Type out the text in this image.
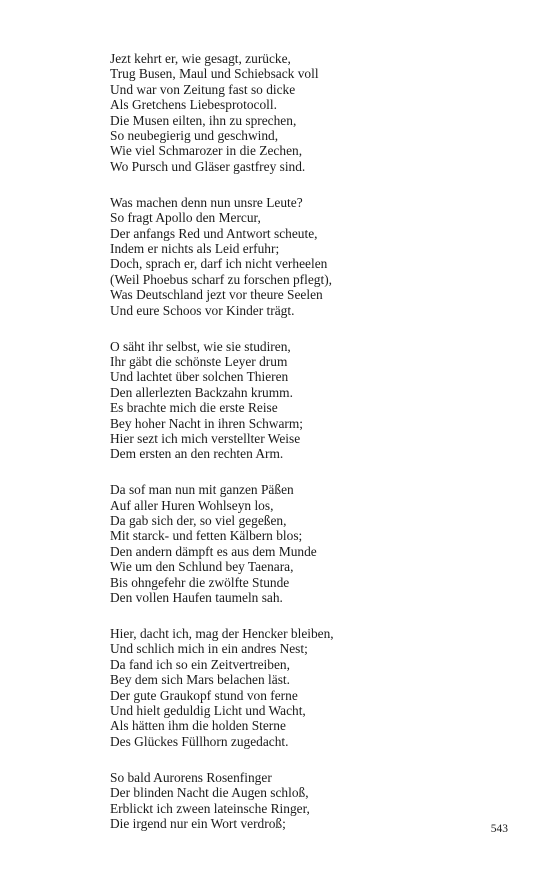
Jezt kehrt er, wie gesagt, zurücke,
Trug Busen, Maul und Schiebsack voll
Und war von Zeitung fast so dicke
Als Gretchens Liebesprotocoll.
Die Musen eilten, ihn zu sprechen,
So neubegierig und geschwind,
Wie viel Schmarozer in die Zechen,
Wo Pursch und Gläser gastfrey sind.
Was machen denn nun unsre Leute?
So fragt Apollo den Mercur,
Der anfangs Red und Antwort scheute,
Indem er nichts als Leid erfuhr;
Doch, sprach er, darf ich nicht verheelen
(Weil Phoebus scharf zu forschen pflegt),
Was Deutschland jezt vor theure Seelen
Und eure Schoos vor Kinder trägt.
O säht ihr selbst, wie sie studiren,
Ihr gäbt die schönste Leyer drum
Und lachtet über solchen Thieren
Den allerlezten Backzahn krumm.
Es brachte mich die erste Reise
Bey hoher Nacht in ihren Schwarm;
Hier sezt ich mich verstellter Weise
Dem ersten an den rechten Arm.
Da sof man nun mit ganzen Päßen
Auf aller Huren Wohlseyn los,
Da gab sich der, so viel gegeßen,
Mit starck- und fetten Kälbern blos;
Den andern dämpft es aus dem Munde
Wie um den Schlund bey Taenara,
Bis ohngefehr die zwölfte Stunde
Den vollen Haufen taumeln sah.
Hier, dacht ich, mag der Hencker bleiben,
Und schlich mich in ein andres Nest;
Da fand ich so ein Zeitvertreiben,
Bey dem sich Mars belachen läst.
Der gute Graukopf stund von ferne
Und hielt geduldig Licht und Wacht,
Als hätten ihm die holden Sterne
Des Glückes Füllhorn zugedacht.
So bald Aurorens Rosenfinger
Der blinden Nacht die Augen schloß,
Erblickt ich zween lateinsche Ringer,
Die irgend nur ein Wort verdroß;	543
